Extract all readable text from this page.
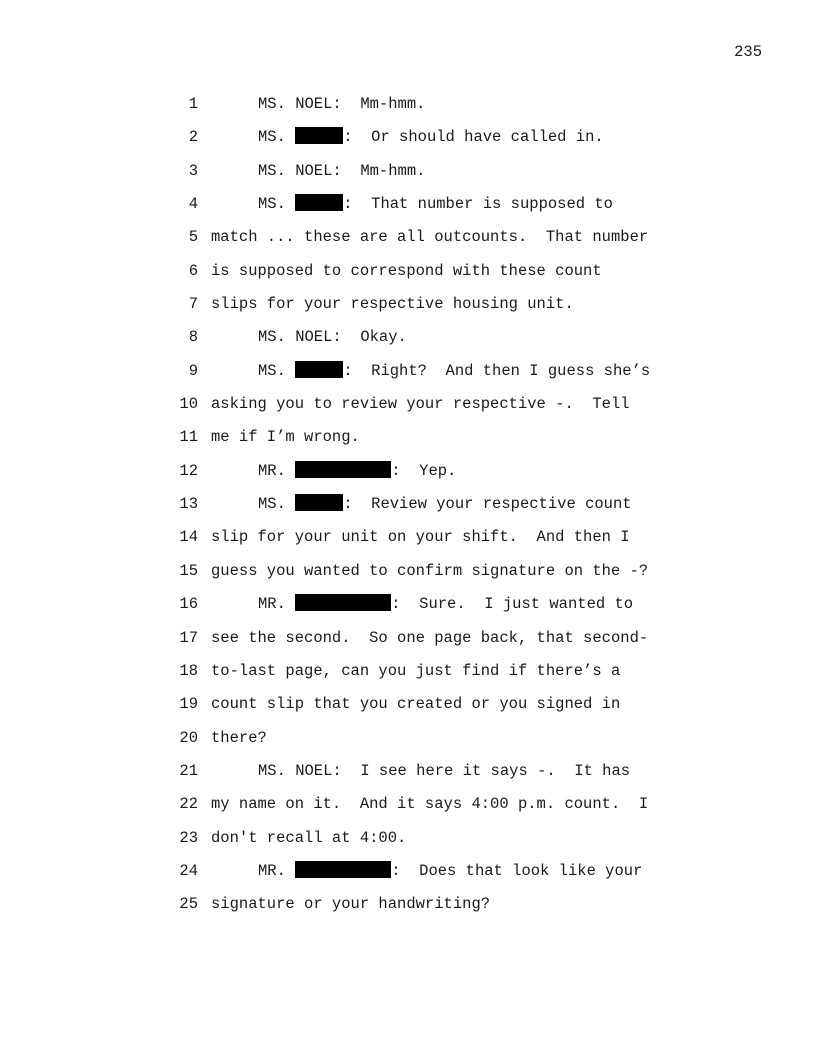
235

1	MS. NOEL: Mm-hmm.
2	MS.	: Or should have called in.
3	MS. NOEL: Mm-hmm.
4	MS.	: That number is supposed to
5 match ... these are all outcounts.  That number
6 is supposed to correspond with these count
7 slips for your respective housing unit.
8	MS. NOEL: Okay.
9	MS.	: Right?  And then I guess she’s
10 asking you to review your respective -.  Tell
11 me if I’m wrong.
12	MR.	: Yep.
13	MS.	: Review your respective count
14 slip for your unit on your shift.  And then I
15 guess you wanted to confirm signature on the -?
16	MR.	: Sure.  I just wanted to
17 see the second.  So one page back, that second-
18 to-last page, can you just find if there’s a
19 count slip that you created or you signed in
20 there?
21	MS. NOEL: I see here it says -.  It has
22 my name on it.  And it says 4:00 p.m. count.  I
23 don't recall at 4:00.
24	MR.	: Does that look like your
25 signature or your handwriting?
